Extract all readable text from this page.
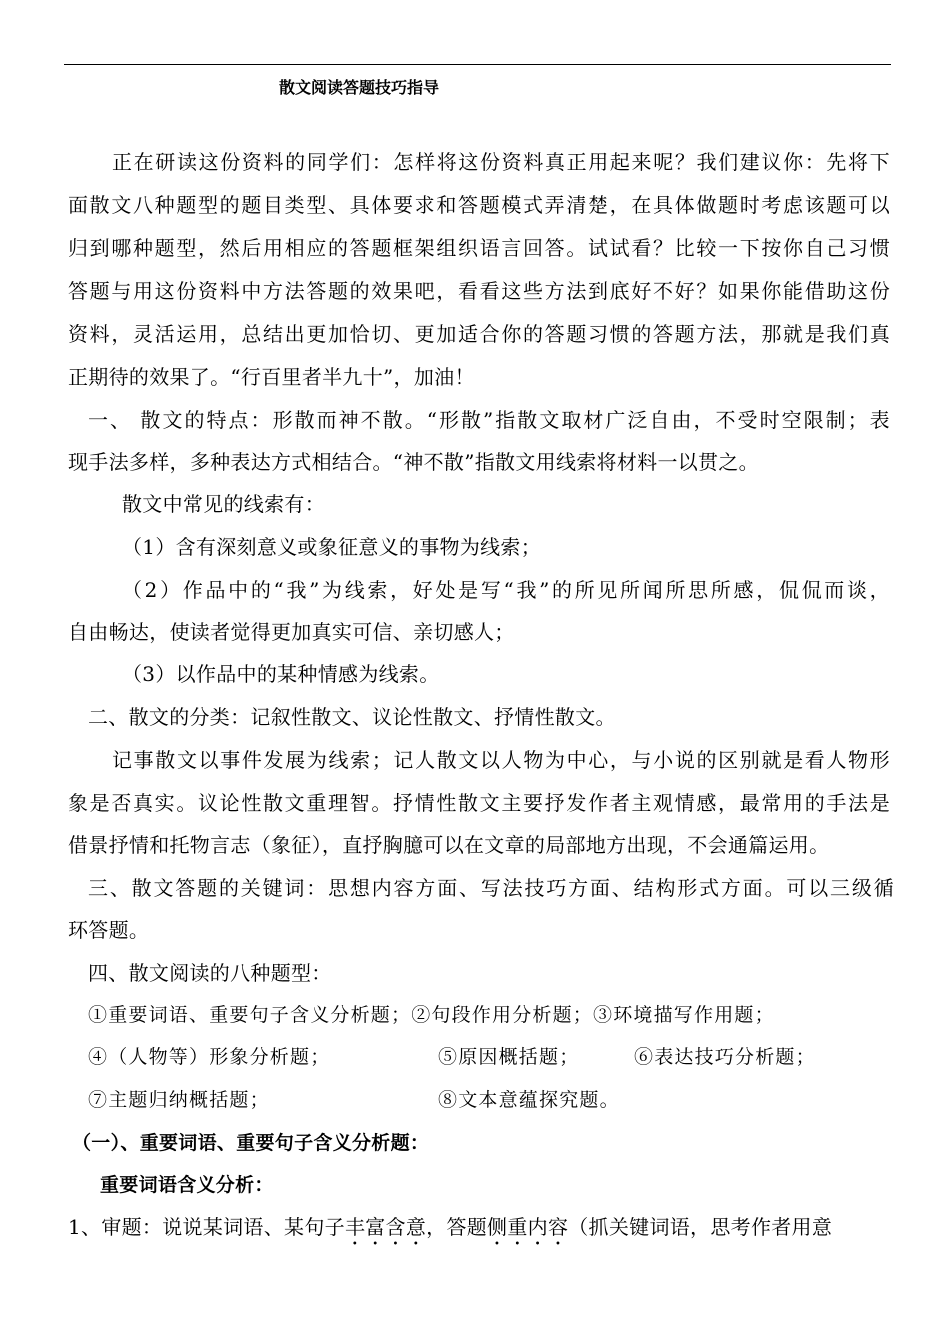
散文阅读答题技巧指导

正在研读这份资料的同学们：怎样将这份资料真正用起来呢？我们建议你：先将下

面散文八种题型的题目类型、具体要求和答题模式弄清楚，在具体做题时考虑该题可以

归到哪种题型，然后用相应的答题框架组织语言回答。试试看？比较一下按你自己习惯

答题与用这份资料中方法答题的效果吧，看看这些方法到底好不好？如果你能借助这份

资料，灵活运用，总结出更加恰切、更加适合你的答题习惯的答题方法，那就是我们真

正期待的效果了。“行百里者半九十”，加油！

一、 散文的特点：形散而神不散。“形散”指散文取材广泛自由，不受时空限制；表

现手法多样，多种表达方式相结合。“神不散”指散文用线索将材料一以贯之。

散文中常见的线索有：

（1）含有深刻意义或象征意义的事物为线索；

（2）作品中的“我”为线索，好处是写“我”的所见所闻所思所感，侃侃而谈，

自由畅达，使读者觉得更加真实可信、亲切感人；

（3）以作品中的某种情感为线索。

二、散文的分类：记叙性散文、议论性散文、抒情性散文。

记事散文以事件发展为线索；记人散文以人物为中心，与小说的区别就是看人物形

象是否真实。议论性散文重理智。抒情性散文主要抒发作者主观情感，最常用的手法是

借景抒情和托物言志（象征），直抒胸臆可以在文章的局部地方出现，不会通篇运用。

三、散文答题的关键词：思想内容方面、写法技巧方面、结构形式方面。可以三级循

环答题。

四、散文阅读的八种题型：

①重要词语、重要句子含义分析题；②句段作用分析题；③环境描写作用题；

④（人物等）形象分析题；	⑤原因概括题；	⑥表达技巧分析题；
⑦主题归纳概括题；	⑧文本意蕴探究题。

（一）、重要词语、重要句子含义分析题：

重要词语含义分析：

1、审题：说说某词语、某句子丰富含意，答题侧重内容（抓关键词语，思考作者用意
